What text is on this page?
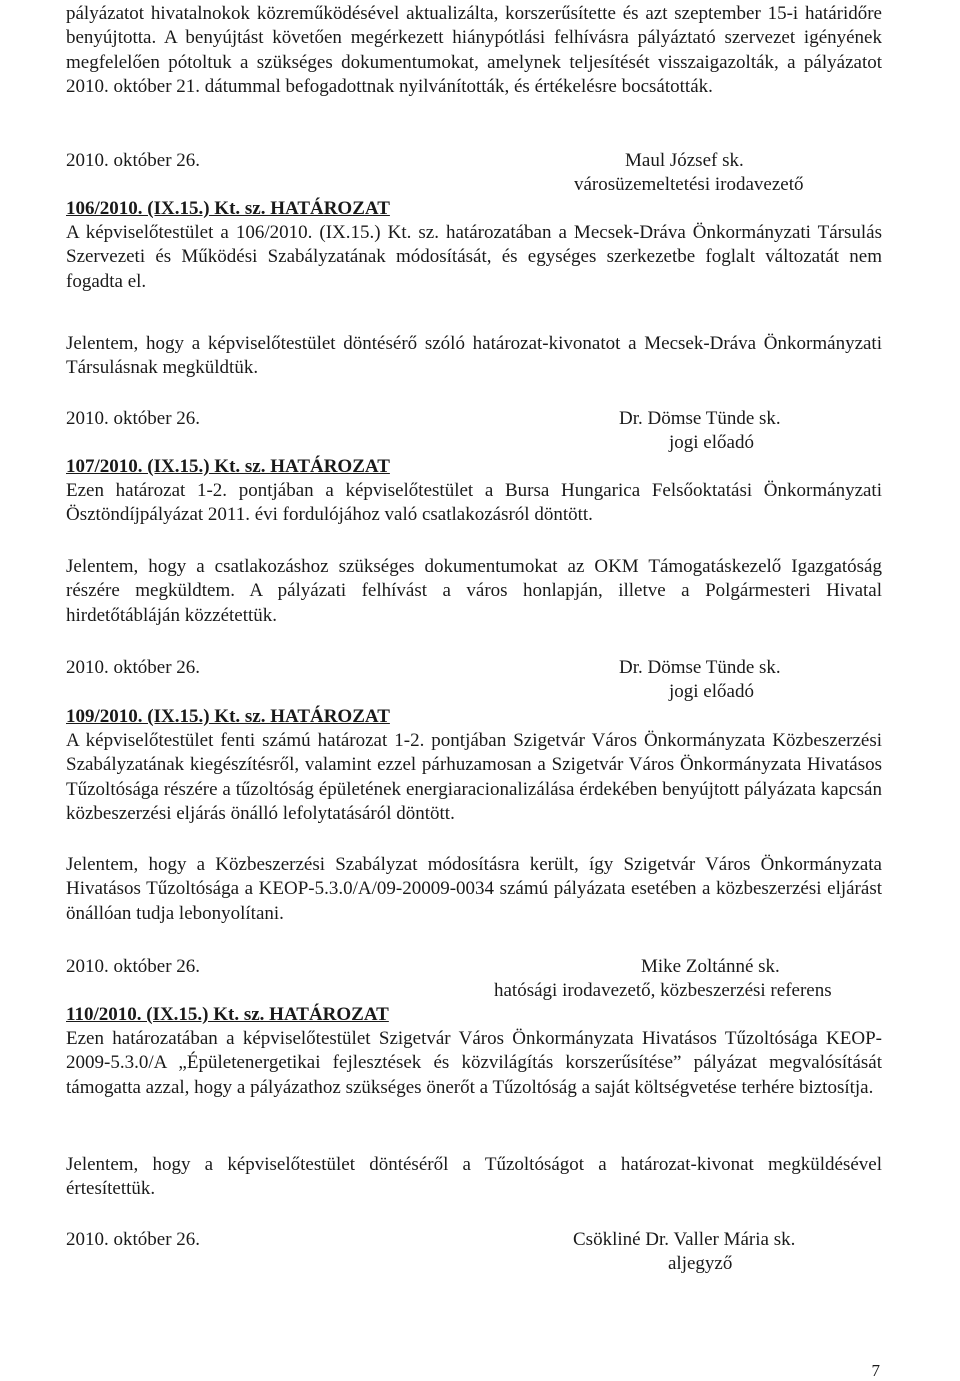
pályázatot hivatalnokok közreműködésével aktualizálta, korszerűsítette és azt szeptember 15-i határidőre benyújtotta. A benyújtást követően megérkezett hiánypótlási felhívásra pályáztató szervezet igényének megfelelően pótoltuk a szükséges dokumentumokat, amelynek teljesítését visszaigazolták, a pályázatot 2010. október 21. dátummal befogadottnak nyilvánították, és értékelésre bocsátották.

2010. október 26.	Maul József sk.
városüzemeltetési irodavezető
106/2010. (IX.15.) Kt. sz. HATÁROZAT

A képviselőtestület a 106/2010. (IX.15.) Kt. sz. határozatában a Mecsek-Dráva Önkormányzati Társulás Szervezeti és Működési Szabályzatának módosítását, és egységes szerkezetbe foglalt változatát nem fogadta el.

Jelentem, hogy a képviselőtestület döntésérő szóló határozat-kivonatot a Mecsek-Dráva Önkormányzati Társulásnak megküldtük.

2010. október 26.	Dr. Dömse Tünde sk.
jogi előadó
107/2010. (IX.15.) Kt. sz. HATÁROZAT

Ezen határozat 1-2. pontjában a képviselőtestület a Bursa Hungarica Felsőoktatási Önkormányzati Ösztöndíjpályázat 2011. évi fordulójához való csatlakozásról döntött.

Jelentem, hogy a csatlakozáshoz szükséges dokumentumokat az OKM Támogatáskezelő Igazgatóság részére megküldtem. A pályázati felhívást a város honlapján, illetve a Polgármesteri Hivatal hirdetőtábláján közzétettük.

2010. október 26.	Dr. Dömse Tünde sk.
jogi előadó
109/2010. (IX.15.) Kt. sz. HATÁROZAT

A képviselőtestület fenti számú határozat 1-2. pontjában Szigetvár Város Önkormányzata Közbeszerzési Szabályzatának kiegészítésről, valamint ezzel párhuzamosan a Szigetvár Város Önkormányzata Hivatásos Tűzoltósága részére a tűzoltóság épületének energiaracionalizálása érdekében benyújtott pályázata kapcsán közbeszerzési eljárás önálló lefolytatásáról döntött.

Jelentem, hogy a Közbeszerzési Szabályzat módosításra került, így Szigetvár Város Önkormányzata Hivatásos Tűzoltósága a KEOP-5.3.0/A/09-20009-0034 számú pályázata esetében a közbeszerzési eljárást önállóan tudja lebonyolítani.

2010. október 26.	Mike Zoltánné sk.
hatósági irodavezető, közbeszerzési referens
110/2010. (IX.15.) Kt. sz. HATÁROZAT

Ezen határozatában a képviselőtestület Szigetvár Város Önkormányzata Hivatásos Tűzoltósága KEOP-2009-5.3.0/A „Épületenergetikai fejlesztések és közvilágítás korszerűsítése” pályázat megvalósítását támogatta azzal, hogy a pályázathoz szükséges önerőt a Tűzoltóság a saját költségvetése terhére biztosítja.

Jelentem, hogy a képviselőtestület döntéséről a Tűzoltóságot a határozat-kivonat megküldésével értesítettük.

2010. október 26.	Csökliné Dr. Valler Mária sk.
aljegyző
7
